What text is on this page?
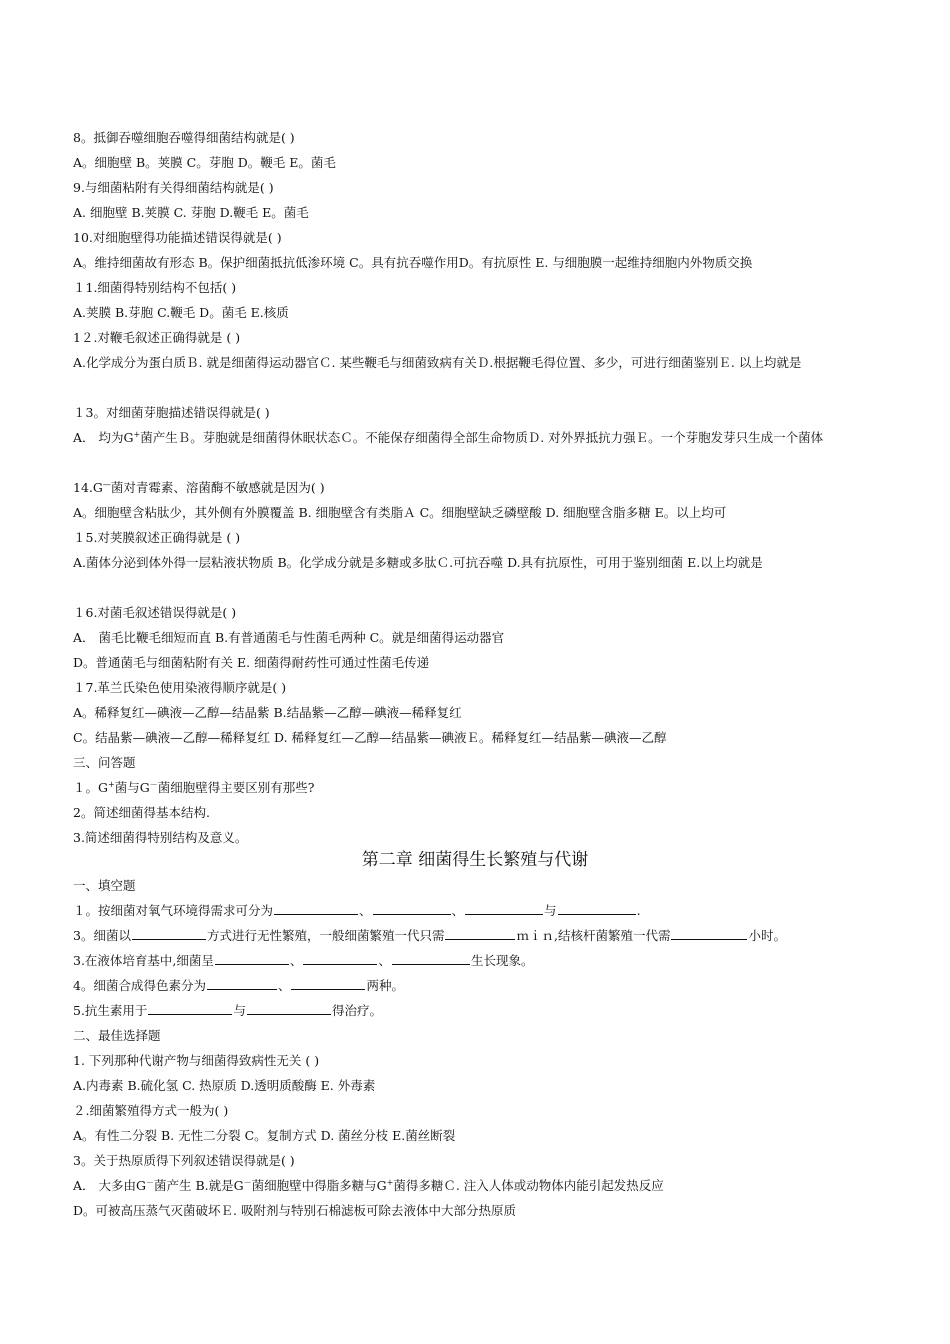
8。抵御吞噬细胞吞噬得细菌结构就是( )
A。细胞壁 B。荚膜 C。芽胞 D。鞭毛 E。菌毛
9.与细菌粘附有关得细菌结构就是( )
A. 细胞壁 B.荚膜 C. 芽胞 D.鞭毛 E。菌毛
10.对细胞壁得功能描述错误得就是( )
A。维持细菌故有形态 B。保护细菌抵抗低渗环境 C。具有抗吞噬作用D。有抗原性 E. 与细胞膜一起维持细胞内外物质交换
１1.细菌得特别结构不包括( )
A.荚膜 B.芽胞 C.鞭毛 D。菌毛 E.核质
1２.对鞭毛叙述正确得就是 ( )
A.化学成分为蛋白质Ｂ. 就是细菌得运动器官Ｃ. 某些鞭毛与细菌致病有关Ｄ.根据鞭毛得位置、多少，可进行细菌鉴别Ｅ. 以上均就是
１3。对细菌芽胞描述错误得就是( )
A． 均为G+菌产生Ｂ。芽胞就是细菌得休眠状态Ｃ。不能保存细菌得全部生命物质Ｄ. 对外界抵抗力强Ｅ。一个芽胞发芽只生成一个菌体
14.G—菌对青霉素、溶菌酶不敏感就是因为( )
A。细胞壁含粘肽少，其外侧有外膜覆盖 B. 细胞壁含有类脂Ａ C。细胞壁缺乏磷壁酸 D. 细胞壁含脂多糖 E。以上均可
１5.对荚膜叙述正确得就是 ( )
A.菌体分泌到体外得一层粘液状物质 B。化学成分就是多糖或多肽Ｃ.可抗吞噬 D.具有抗原性，可用于鉴别细菌 E.以上均就是
１6.对菌毛叙述错误得就是( )
A． 菌毛比鞭毛细短而直 B.有普通菌毛与性菌毛两种 C。就是细菌得运动器官
D。普通菌毛与细菌粘附有关 E. 细菌得耐药性可通过性菌毛传递
１7.革兰氏染色使用染液得顺序就是( )
A。稀释复红—碘液—乙醇—结晶紫 B.结晶紫—乙醇—碘液—稀释复红
C。结晶紫—碘液—乙醇—稀释复红 D. 稀释复红—乙醇—结晶紫—碘液Ｅ。稀释复红—结晶紫—碘液—乙醇
三、问答题
１。G+菌与G－菌细胞壁得主要区别有那些?
2。简述细菌得基本结构.
3.简述细菌得特别结构及意义。
第二章 细菌得生长繁殖与代谢
一、填空题
１。按细菌对氧气环境得需求可分为	、	、	与	.
3。细菌以	方式进行无性繁殖，一般细菌繁殖一代只需	ｍｉｎ,结核杆菌繁殖一代需	小时。
3.在液体培育基中,细菌呈	、	、	生长现象。
4。细菌合成得色素分为	、	两种。
5.抗生素用于	与	得治疗。
二、最佳选择题
1. 下列那种代谢产物与细菌得致病性无关 ( )
A.内毒素 B.硫化氢 C. 热原质 D.透明质酸酶 E. 外毒素
２.细菌繁殖得方式一般为( )
A。有性二分裂 B. 无性二分裂 C。复制方式 D. 菌丝分枝 E.菌丝断裂
3。关于热原质得下列叙述错误得就是( )
A． 大多由G－菌产生 B.就是G－菌细胞壁中得脂多糖与G+菌得多糖Ｃ. 注入人体或动物体内能引起发热反应
D。可被高压蒸气灭菌破坏Ｅ. 吸附剂与特别石棉滤板可除去液体中大部分热原质
